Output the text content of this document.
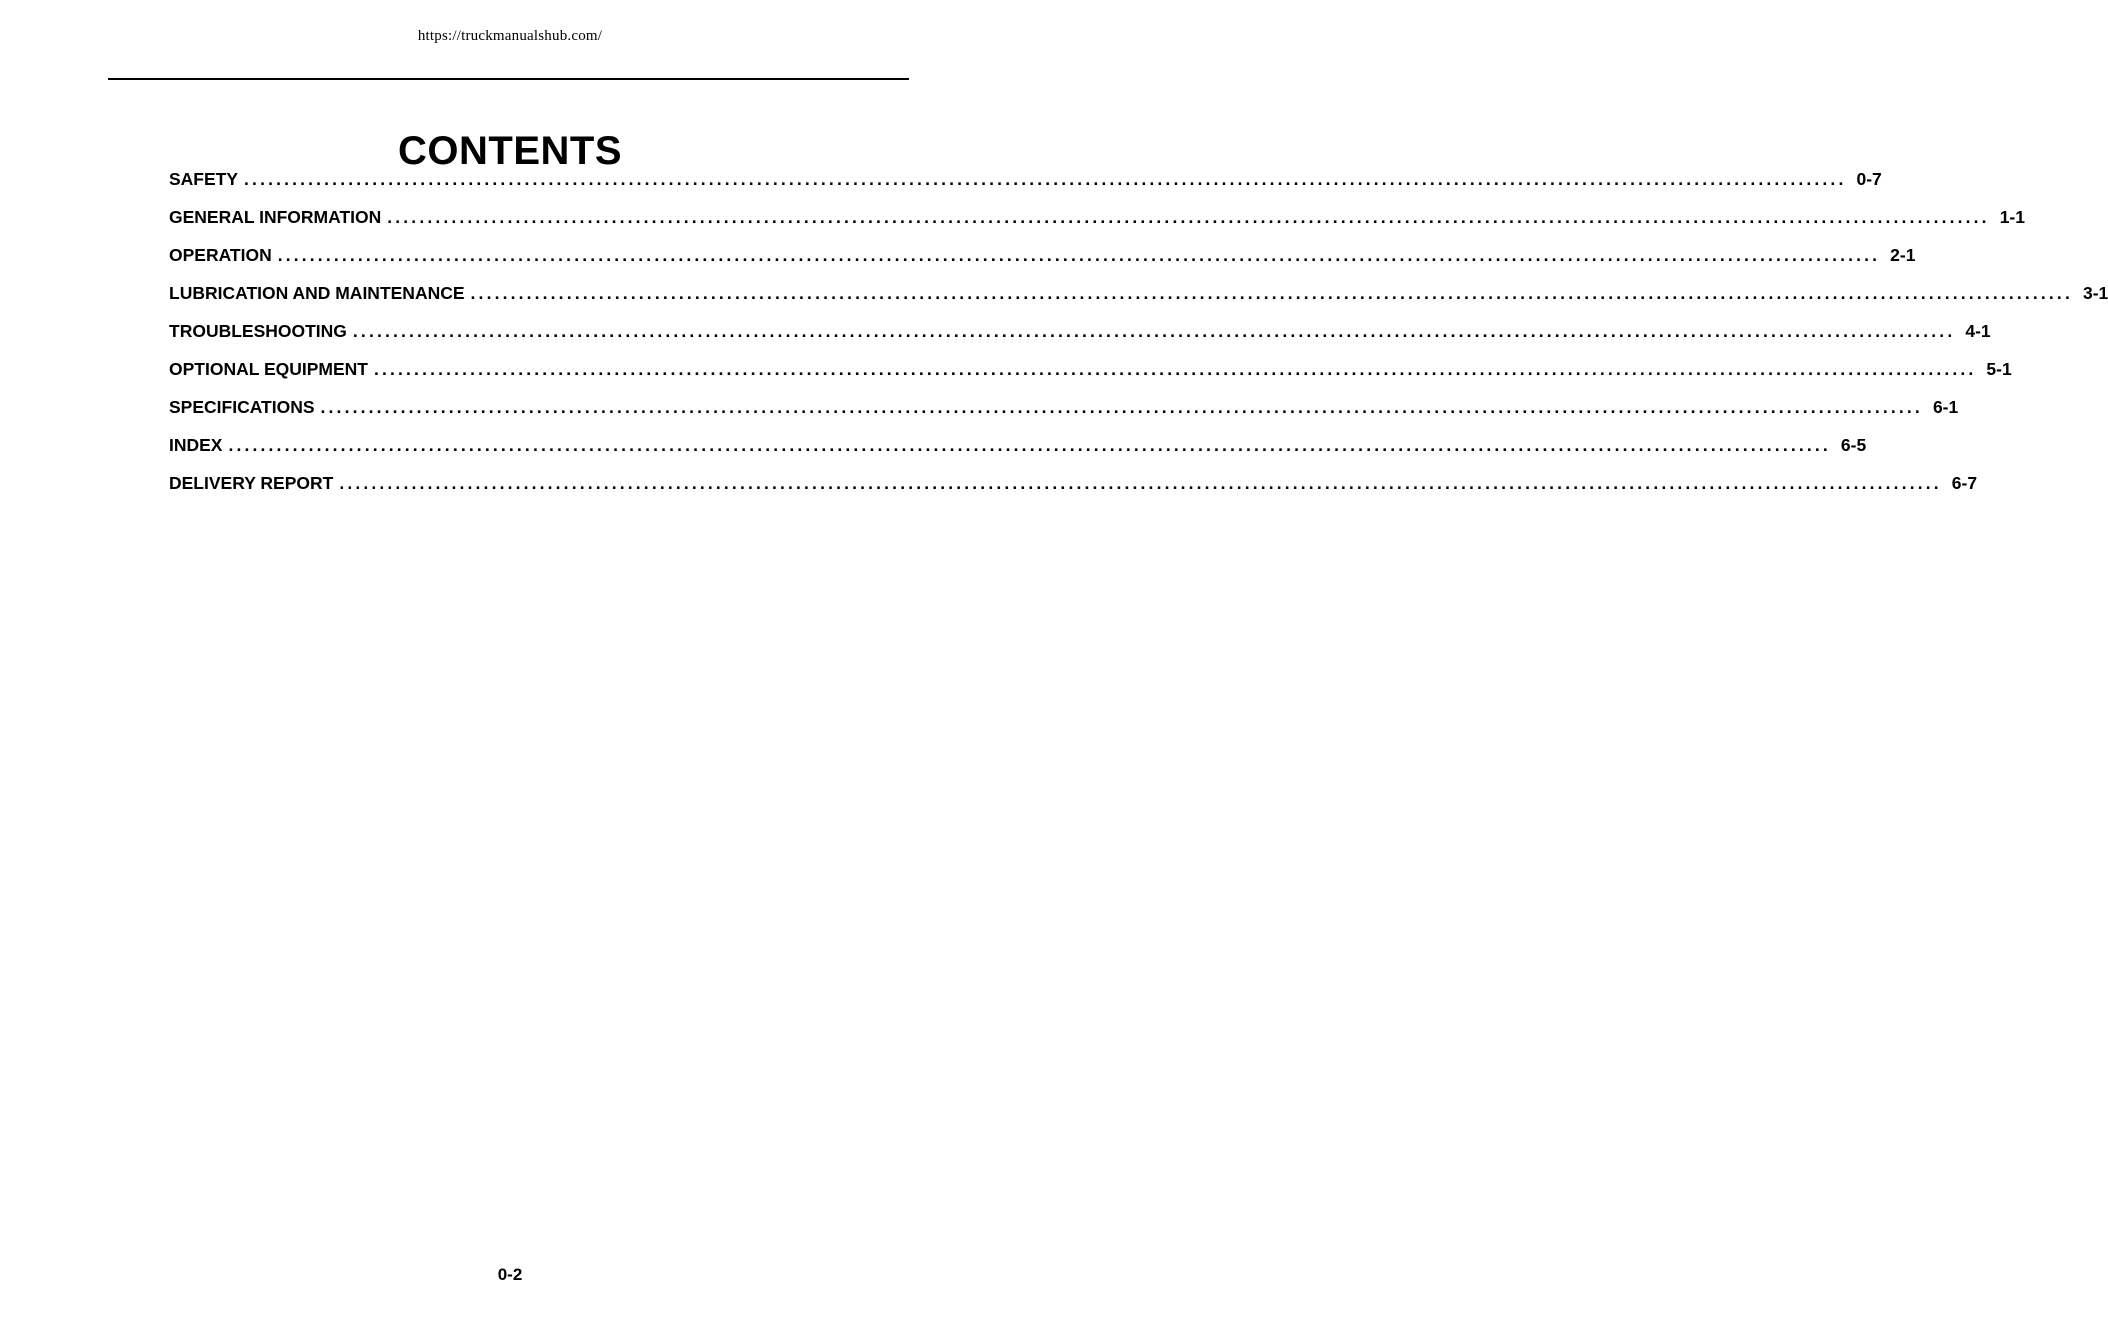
https://truckmanualshub.com/
CONTENTS
SAFETY ........................................................................................................................................................................................................ 0-7
GENERAL INFORMATION ........................................................................................................................................................................................................ 1-1
OPERATION ........................................................................................................................................................................................................ 2-1
LUBRICATION AND MAINTENANCE ........................................................................................................................................................................................................ 3-1
TROUBLESHOOTING ........................................................................................................................................................................................................ 4-1
OPTIONAL EQUIPMENT ........................................................................................................................................................................................................ 5-1
SPECIFICATIONS ........................................................................................................................................................................................................ 6-1
INDEX ........................................................................................................................................................................................................ 6-5
DELIVERY REPORT ........................................................................................................................................................................................................ 6-7
0-2
